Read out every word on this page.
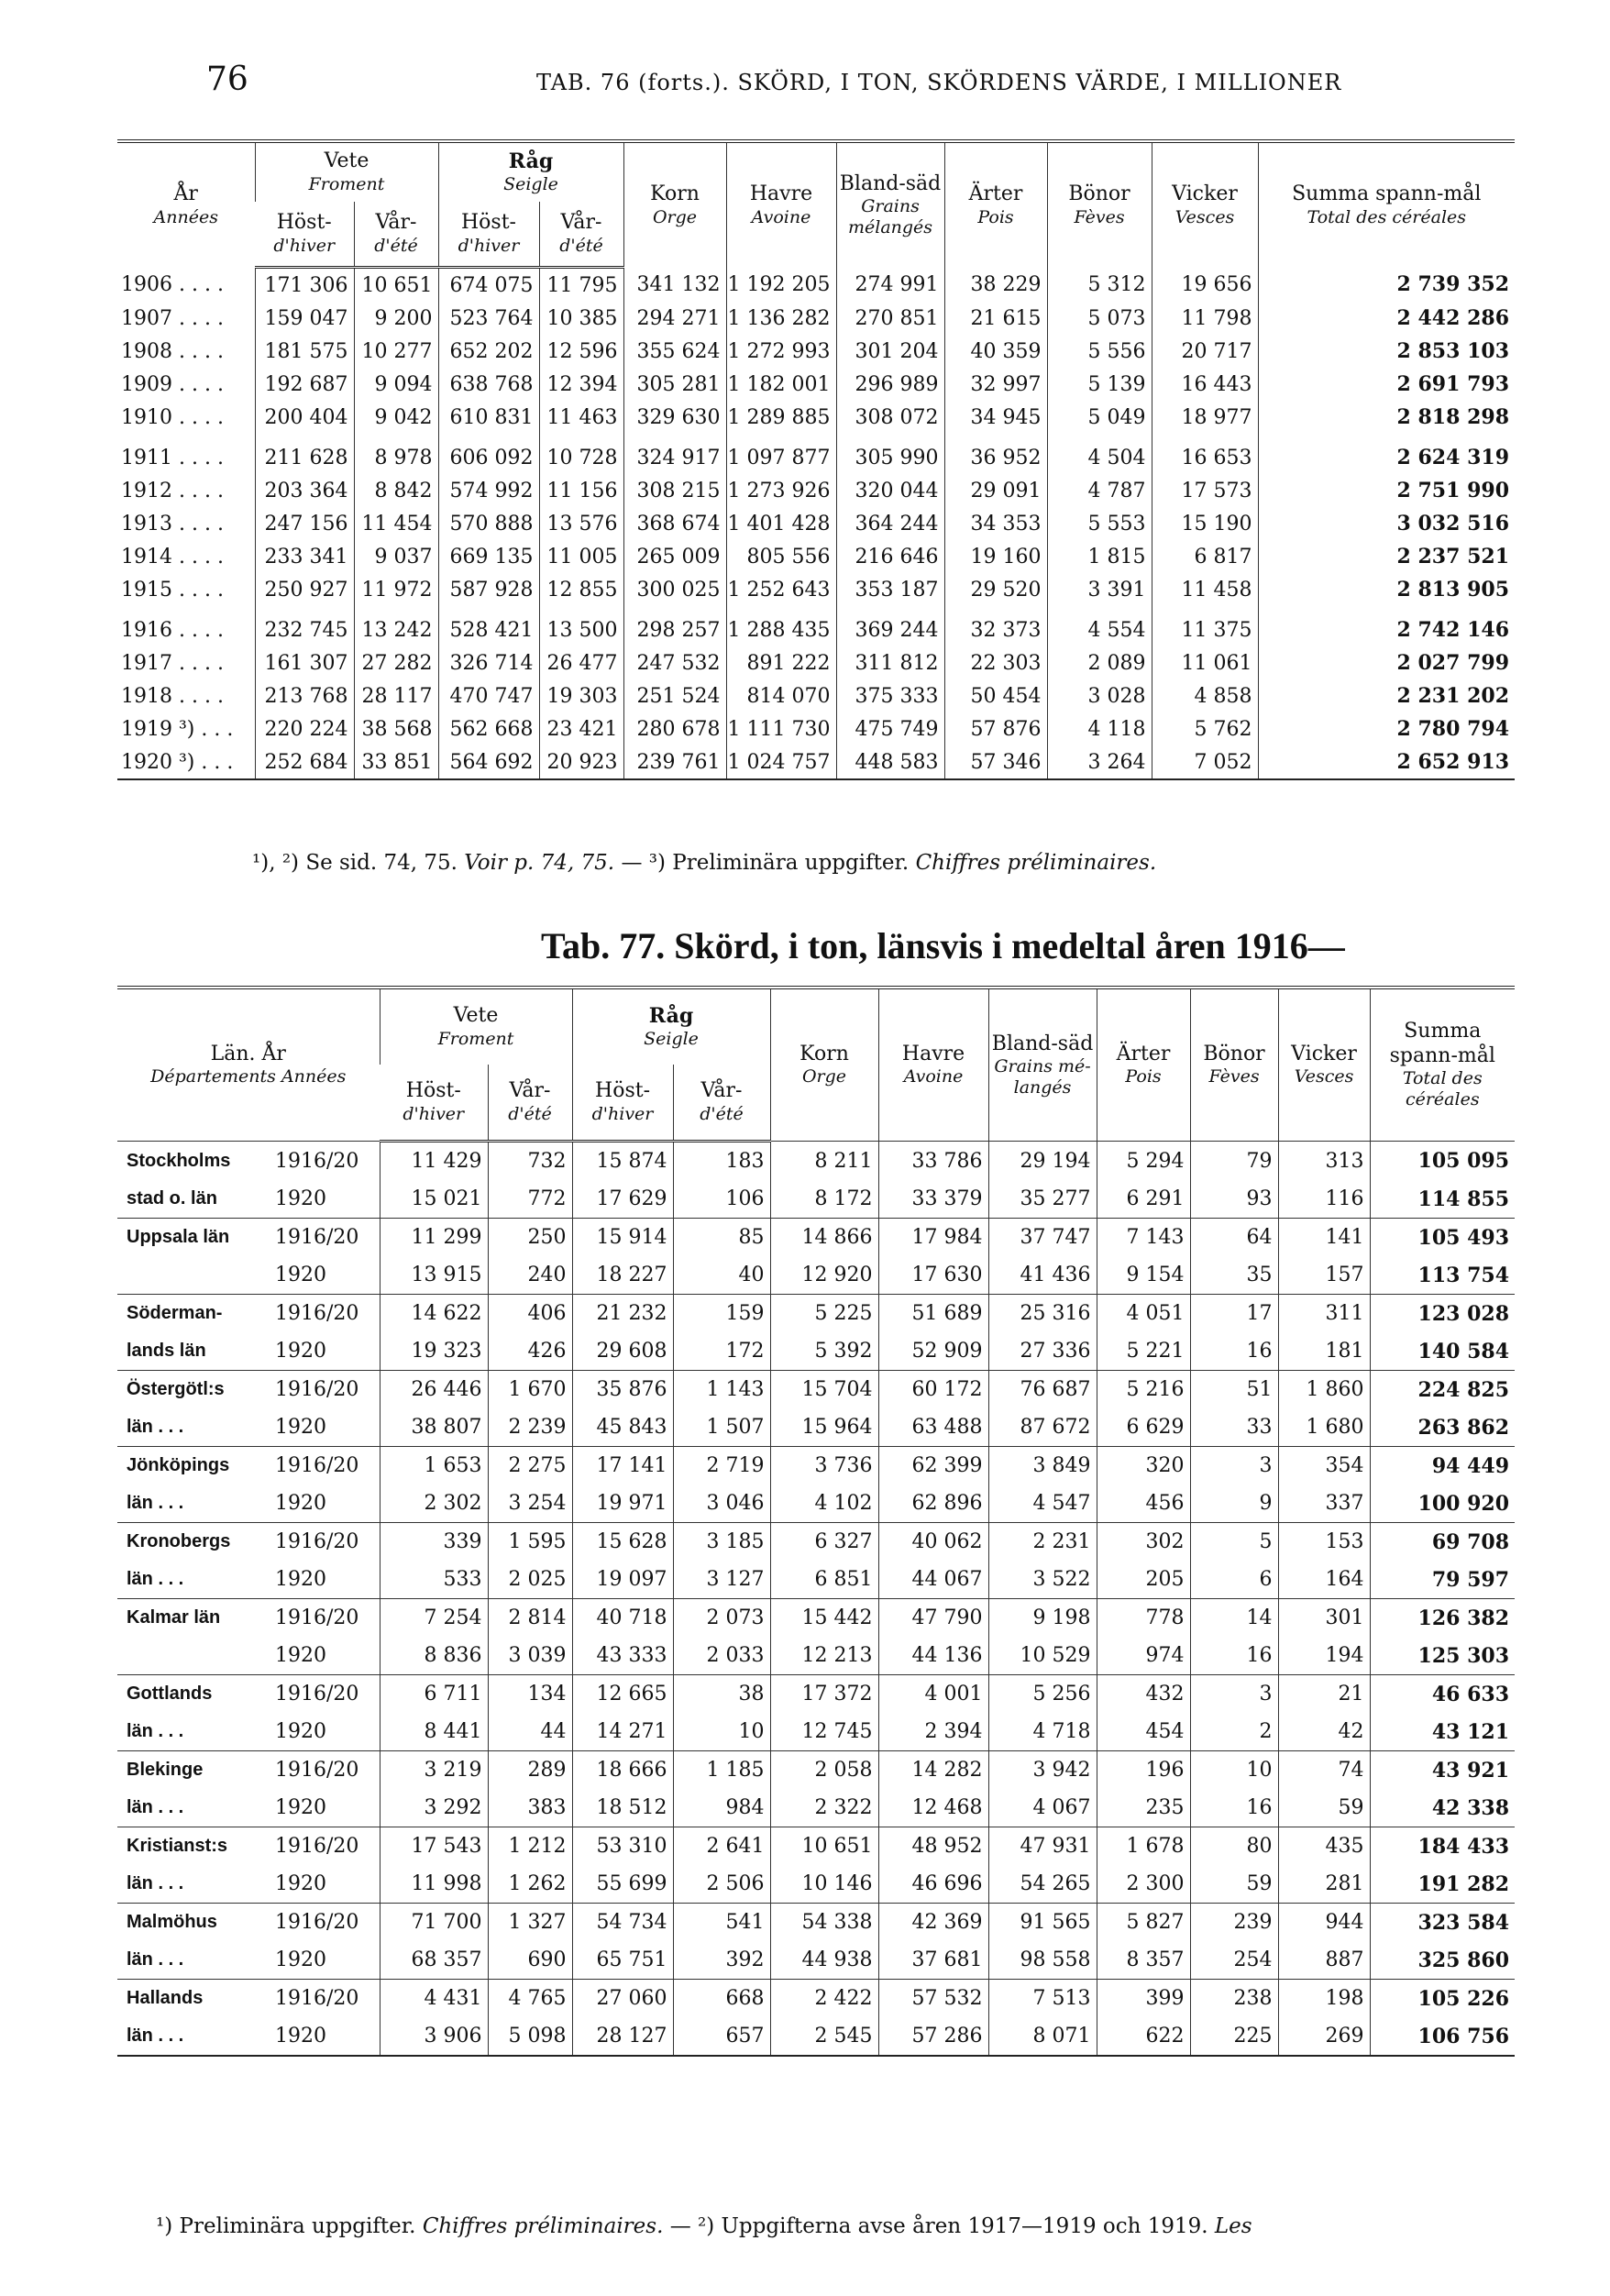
76	TAB. 76 (forts.). SKÖRD, I TON, SKÖRDENS VÄRDE, I MILLIONER
År
Années	Vete
Froment		Råg
Seigle		Korn
Orge	Havre
Avoine	Bland-säd
Grains mélangés	Ärter
Pois	Bönor
Fèves	Vicker
Vesces	Summa spann-mål
Total des céréales

	Höst-
d'hiver	Vår-
d'été	Höst-
d'hiver	Vår-
d'été							

1906 . . . .	171 306	10 651	674 075	11 795	341 132	1 192 205	274 991	38 229	5 312	19 656	2 739 352
1907 . . . .	159 047	9 200	523 764	10 385	294 271	1 136 282	270 851	21 615	5 073	11 798	2 442 286
1908 . . . .	181 575	10 277	652 202	12 596	355 624	1 272 993	301 204	40 359	5 556	20 717	2 853 103
1909 . . . .	192 687	9 094	638 768	12 394	305 281	1 182 001	296 989	32 997	5 139	16 443	2 691 793
1910 . . . .	200 404	9 042	610 831	11 463	329 630	1 289 885	308 072	34 945	5 049	18 977	2 818 298
1911 . . . .	211 628	8 978	606 092	10 728	324 917	1 097 877	305 990	36 952	4 504	16 653	2 624 319
1912 . . . .	203 364	8 842	574 992	11 156	308 215	1 273 926	320 044	29 091	4 787	17 573	2 751 990
1913 . . . .	247 156	11 454	570 888	13 576	368 674	1 401 428	364 244	34 353	5 553	15 190	3 032 516
1914 . . . .	233 341	9 037	669 135	11 005	265 009	805 556	216 646	19 160	1 815	6 817	2 237 521
1915 . . . .	250 927	11 972	587 928	12 855	300 025	1 252 643	353 187	29 520	3 391	11 458	2 813 905
1916 . . . .	232 745	13 242	528 421	13 500	298 257	1 288 435	369 244	32 373	4 554	11 375	2 742 146
1917 . . . .	161 307	27 282	326 714	26 477	247 532	891 222	311 812	22 303	2 089	11 061	2 027 799
1918 . . . .	213 768	28 117	470 747	19 303	251 524	814 070	375 333	50 454	3 028	4 858	2 231 202
1919 ³) . . .	220 224	38 568	562 668	23 421	280 678	1 111 730	475 749	57 876	4 118	5 762	2 780 794
1920 ³) . . .	252 684	33 851	564 692	20 923	239 761	1 024 757	448 583	57 346	3 264	7 052	2 652 913
¹), ²) Se sid. 74, 75. Voir p. 74, 75. — ³) Preliminära uppgifter. Chiffres préliminaires.
Tab. 77. Skörd, i ton, länsvis i medeltal åren 1916—
Län. År
Départements Années		Vete
Froment		Råg
Seigle		Korn
Orge	Havre
Avoine	Bland-säd
Grains mé-langés	Ärter
Pois	Bönor
Fèves	Vicker
Vesces	Summa spann-mål
Total des céréales

		Höst-
d'hiver	Vår-
d'été	Höst-
d'hiver	Vår-
d'été							

Stockholms	1916/20	11 429	732	15 874	183	8 211	33 786	29 194	5 294	79	313	105 095
stad o. län	1920	15 021	772	17 629	106	8 172	33 379	35 277	6 291	93	116	114 855
Uppsala län	1916/20	11 299	250	15 914	85	14 866	17 984	37 747	7 143	64	141	105 493
	1920	13 915	240	18 227	40	12 920	17 630	41 436	9 154	35	157	113 754
Söderman-	1916/20	14 622	406	21 232	159	5 225	51 689	25 316	4 051	17	311	123 028
lands län	1920	19 323	426	29 608	172	5 392	52 909	27 336	5 221	16	181	140 584
Östergötl:s	1916/20	26 446	1 670	35 876	1 143	15 704	60 172	76 687	5 216	51	1 860	224 825
län . . .	1920	38 807	2 239	45 843	1 507	15 964	63 488	87 672	6 629	33	1 680	263 862
Jönköpings	1916/20	1 653	2 275	17 141	2 719	3 736	62 399	3 849	320	3	354	94 449
län . . .	1920	2 302	3 254	19 971	3 046	4 102	62 896	4 547	456	9	337	100 920
Kronobergs	1916/20	339	1 595	15 628	3 185	6 327	40 062	2 231	302	5	153	69 708
län . . .	1920	533	2 025	19 097	3 127	6 851	44 067	3 522	205	6	164	79 597
Kalmar län	1916/20	7 254	2 814	40 718	2 073	15 442	47 790	9 198	778	14	301	126 382
	1920	8 836	3 039	43 333	2 033	12 213	44 136	10 529	974	16	194	125 303
Gottlands	1916/20	6 711	134	12 665	38	17 372	4 001	5 256	432	3	21	46 633
län . . .	1920	8 441	44	14 271	10	12 745	2 394	4 718	454	2	42	43 121
Blekinge	1916/20	3 219	289	18 666	1 185	2 058	14 282	3 942	196	10	74	43 921
län . . .	1920	3 292	383	18 512	984	2 322	12 468	4 067	235	16	59	42 338
Kristianst:s	1916/20	17 543	1 212	53 310	2 641	10 651	48 952	47 931	1 678	80	435	184 433
län . . .	1920	11 998	1 262	55 699	2 506	10 146	46 696	54 265	2 300	59	281	191 282
Malmöhus	1916/20	71 700	1 327	54 734	541	54 338	42 369	91 565	5 827	239	944	323 584
län . . .	1920	68 357	690	65 751	392	44 938	37 681	98 558	8 357	254	887	325 860
Hallands	1916/20	4 431	4 765	27 060	668	2 422	57 532	7 513	399	238	198	105 226
län . . .	1920	3 906	5 098	28 127	657	2 545	57 286	8 071	622	225	269	106 756
¹) Preliminära uppgifter. Chiffres préliminaires. — ²) Uppgifterna avse åren 1917—1919 och 1919. Les
